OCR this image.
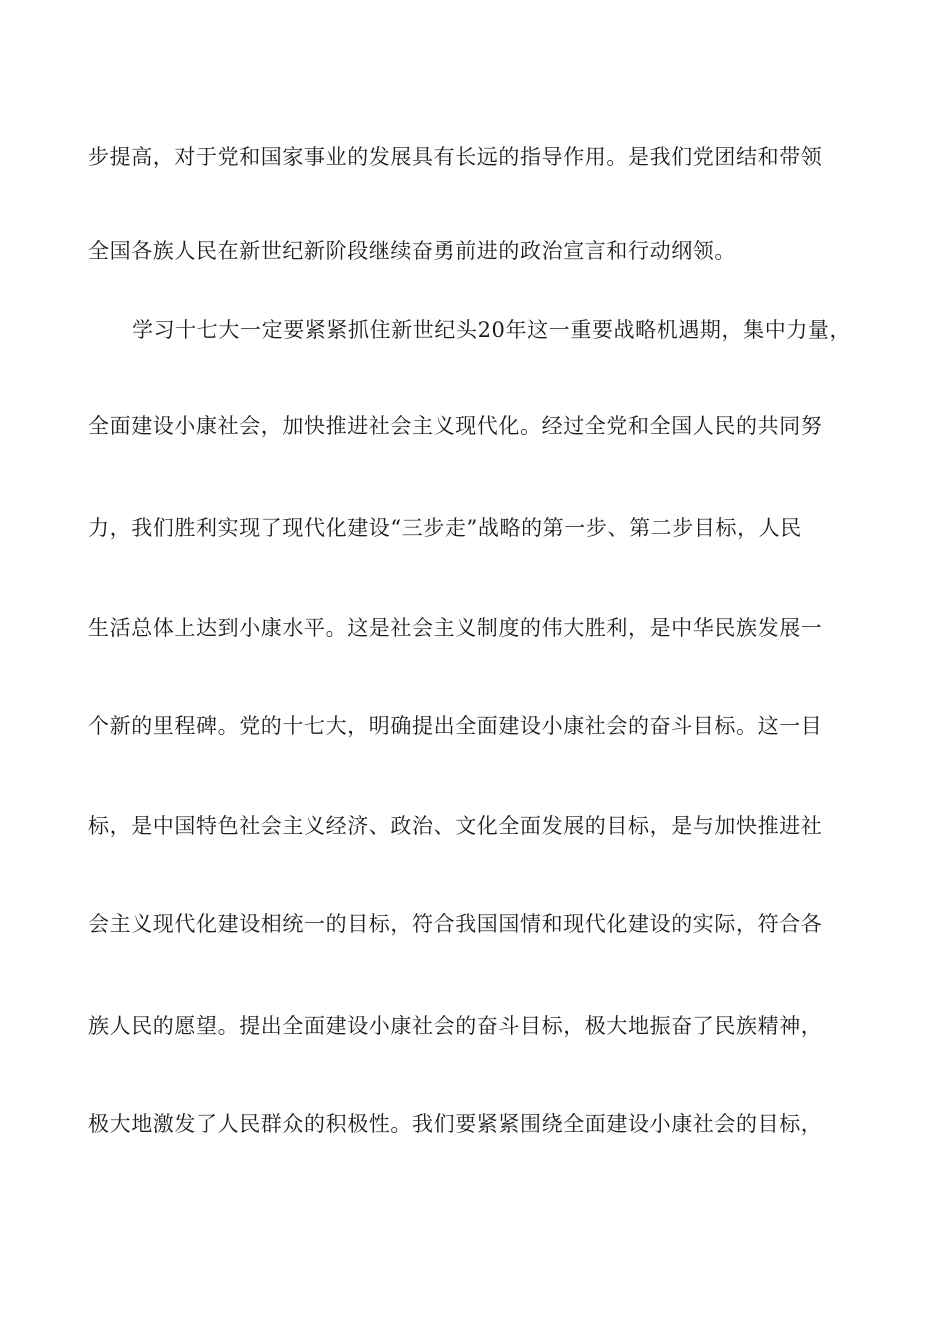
步提高，对于党和国家事业的发展具有长远的指导作用。是我们党团结和带领
全国各族人民在新世纪新阶段继续奋勇前进的政治宣言和行动纲领。
学习十七大一定要紧紧抓住新世纪头20年这一重要战略机遇期，集中力量，
全面建设小康社会，加快推进社会主义现代化。经过全党和全国人民的共同努
力，我们胜利实现了现代化建设“三步走”战略的第一步、第二步目标，人民
生活总体上达到小康水平。这是社会主义制度的伟大胜利，是中华民族发展一
个新的里程碑。党的十七大，明确提出全面建设小康社会的奋斗目标。这一目
标，是中国特色社会主义经济、政治、文化全面发展的目标，是与加快推进社
会主义现代化建设相统一的目标，符合我国国情和现代化建设的实际，符合各
族人民的愿望。提出全面建设小康社会的奋斗目标，极大地振奋了民族精神，
极大地激发了人民群众的积极性。我们要紧紧围绕全面建设小康社会的目标，
